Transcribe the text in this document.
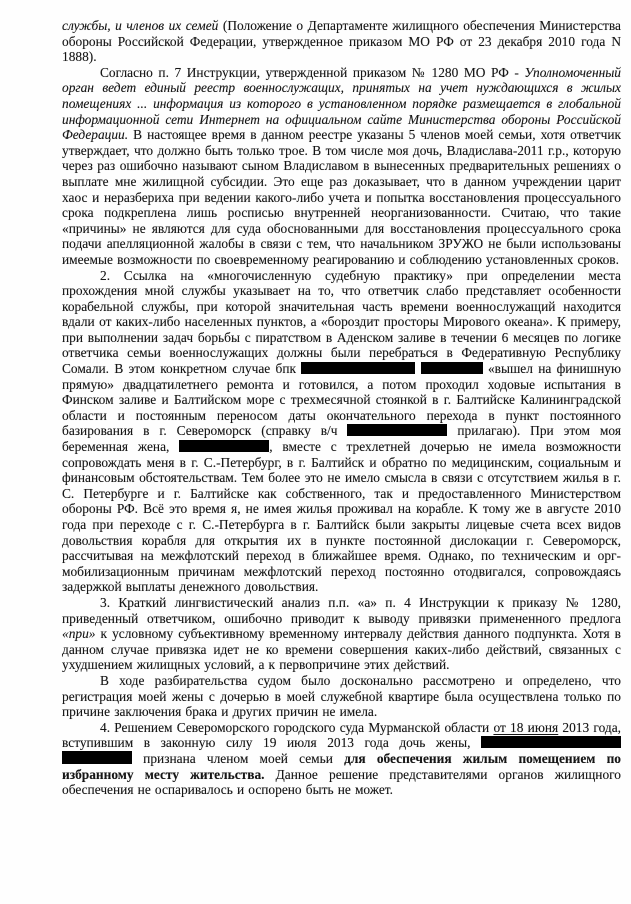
службы, и членов их семей (Положение о Департаменте жилищного обеспечения Министерства обороны Российской Федерации, утвержденное приказом МО РФ от 23 декабря 2010 года N 1888).

Согласно п. 7 Инструкции, утвержденной приказом № 1280 МО РФ - Уполномоченный орган ведет единый реестр военнослужащих, принятых на учет нуждающихся в жилых помещениях ... информация из которого в установленном порядке размещается в глобальной информационной сети Интернет на официальном сайте Министерства обороны Российской Федерации. В настоящее время в данном реестре указаны 5 членов моей семьи, хотя ответчик утверждает, что должно быть только трое. В том числе моя дочь, Владислава-2011 г.р., которую через раз ошибочно называют сыном Владиславом в вынесенных предварительных решениях о выплате мне жилищной субсидии. Это еще раз доказывает, что в данном учреждении царит хаос и неразбериха при ведении какого-либо учета и попытка восстановления процессуального срока подкреплена лишь росписью внутренней неорганизованности. Считаю, что такие «причины» не являются для суда обоснованными для восстановления процессуального срока подачи апелляционной жалобы в связи с тем, что начальником ЗРУЖО не были использованы имеемые возможности по своевременному реагированию и соблюдению установленных сроков.

2. Ссылка на «многочисленную судебную практику» при определении места прохождения мной службы указывает на то, что ответчик слабо представляет особенности корабельной службы, при которой значительная часть времени военнослужащий находится вдали от каких-либо населенных пунктов, а «бороздит просторы Мирового океана». К примеру, при выполнении задач борьбы с пиратством в Аденском заливе в течении 6 месяцев по логике ответчика семьи военнослужащих должны были перебраться в Федеративную Республику Сомали. В этом конкретном случае бпк	«вышел на финишную прямую» двадцатилетнего ремонта и готовился, а потом проходил ходовые испытания в Финском заливе и Балтийском море с трехмесячной стоянкой в г. Балтийске Калининградской области и постоянным переносом даты окончательного перехода в пункт постоянного базирования в г. Североморск (справку в/ч	прилагаю). При этом моя беременная жена,	, вместе с трехлетней дочерью не имела возможности сопровождать меня в г. С.-Петербург, в г. Балтийск и обратно по медицинским, социальным и финансовым обстоятельствам. Тем более это не имело смысла в связи с отсутствием жилья в г. С. Петербурге и г. Балтийске как собственного, так и предоставленного Министерством обороны РФ. Всё это время я, не имея жилья проживал на корабле. К тому же в августе 2010 года при переходе с г. С.-Петербурга в г. Балтийск были закрыты лицевые счета всех видов довольствия корабля для открытия их в пункте постоянной дислокации г. Североморск, рассчитывая на межфлотский переход в ближайшее время. Однако, по техническим и орг-мобилизационным причинам межфлотский переход постоянно отодвигался, сопровождаясь задержкой выплаты денежного довольствия.

3. Краткий лингвистический анализ п.п. «а» п. 4 Инструкции к приказу № 1280, приведенный ответчиком, ошибочно приводит к выводу привязки примененного предлога «при» к условному субъективному временному интервалу действия данного подпункта. Хотя в данном случае привязка идет не ко времени совершения каких-либо действий, связанных с ухудшением жилищных условий, а к первопричине этих действий.

В ходе разбирательства судом было досконально рассмотрено и определено, что регистрация моей жены с дочерью в моей служебной квартире была осуществлена только по причине заключения брака и других причин не имела.

4. Решением Североморского городского суда Мурманской области от 18 июня 2013 года, вступившим в законную силу 19 июля 2013 года дочь жены,   признана членом моей семьи для обеспечения жилым помещением по избранному месту жительства. Данное решение представителями органов жилищного обеспечения не оспаривалось и оспорено быть не может.
